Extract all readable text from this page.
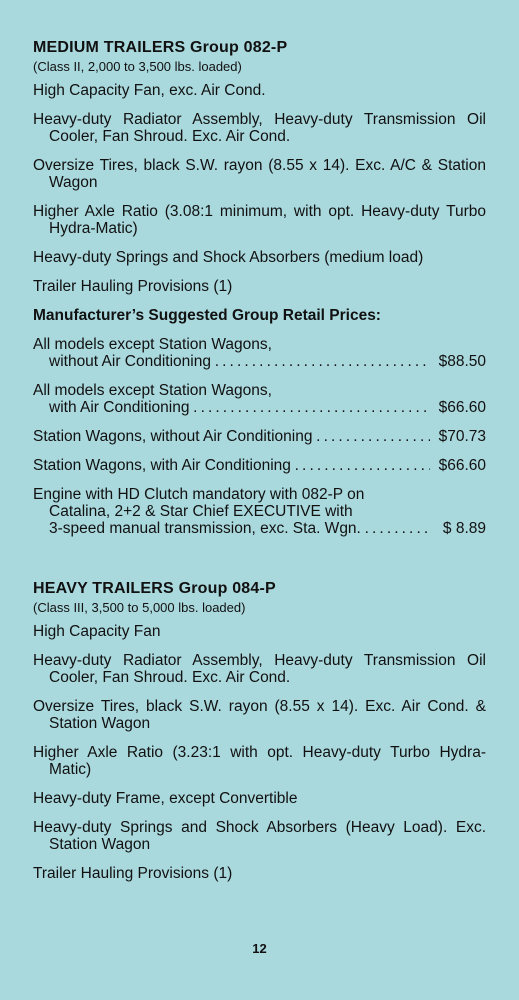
MEDIUM TRAILERS Group 082-P
(Class II, 2,000 to 3,500 lbs. loaded)
High Capacity Fan, exc. Air Cond.
Heavy-duty Radiator Assembly, Heavy-duty Transmission Oil Cooler, Fan Shroud. Exc. Air Cond.
Oversize Tires, black S.W. rayon (8.55 x 14). Exc. A/C & Station Wagon
Higher Axle Ratio (3.08:1 minimum, with opt. Heavy-duty Turbo Hydra-Matic)
Heavy-duty Springs and Shock Absorbers (medium load)
Trailer Hauling Provisions (1)
Manufacturer’s Suggested Group Retail Prices:
All models except Station Wagons,
without Air Conditioning . . .	$88.50
All models except Station Wagons,
with Air Conditioning . . .	$66.60
Station Wagons, without Air Conditioning . . .	$70.73
Station Wagons, with Air Conditioning . . .	$66.60
Engine with HD Clutch mandatory with 082-P on
Catalina, 2+2 & Star Chief EXECUTIVE with
3-speed manual transmission, exc. Sta. Wgn. . . .	$ 8.89
HEAVY TRAILERS Group 084-P
(Class III, 3,500 to 5,000 lbs. loaded)
High Capacity Fan
Heavy-duty Radiator Assembly, Heavy-duty Transmission Oil Cooler, Fan Shroud. Exc. Air Cond.
Oversize Tires, black S.W. rayon (8.55 x 14). Exc. Air Cond. & Station Wagon
Higher Axle Ratio (3.23:1 with opt. Heavy-duty Turbo Hydra-Matic)
Heavy-duty Frame, except Convertible
Heavy-duty Springs and Shock Absorbers (Heavy Load). Exc. Station Wagon
Trailer Hauling Provisions (1)
12
